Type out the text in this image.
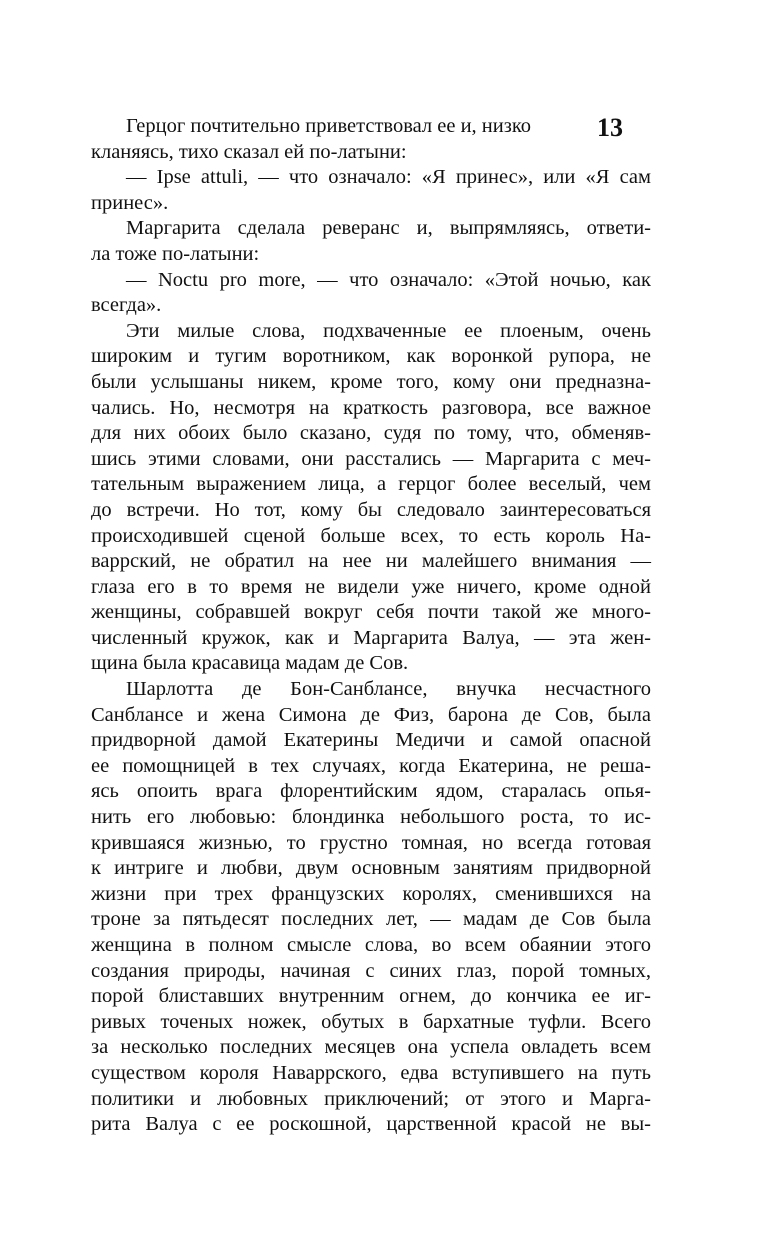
13
Герцог почтительно приветствовал ее и, низко
кланяясь, тихо сказал ей по-латыни:
— Ipse attuli, — что означало: «Я принес», или «Я сам
принес».
Маргарита сделала реверанс и, выпрямляясь, ответи-
ла тоже по-латыни:
— Noctu pro more, — что означало: «Этой ночью, как
всегда».
Эти милые слова, подхваченные ее плоеным, очень
широким и тугим воротником, как воронкой рупора, не
были услышаны никем, кроме того, кому они предназна-
чались. Но, несмотря на краткость разговора, все важное
для них обоих было сказано, судя по тому, что, обменяв-
шись этими словами, они расстались — Маргарита с меч-
тательным выражением лица, а герцог более веселый, чем
до встречи. Но тот, кому бы следовало заинтересоваться
происходившей сценой больше всех, то есть король На-
варрский, не обратил на нее ни малейшего внимания —
глаза его в то время не видели уже ничего, кроме одной
женщины, собравшей вокруг себя почти такой же много-
численный кружок, как и Маргарита Валуа, — эта жен-
щина была красавица мадам де Сов.
Шарлотта де Бон-Санблансе, внучка несчастного
Санблансе и жена Симона де Физ, барона де Сов, была
придворной дамой Екатерины Медичи и самой опасной
ее помощницей в тех случаях, когда Екатерина, не реша-
ясь опоить врага флорентийским ядом, старалась опья-
нить его любовью: блондинка небольшого роста, то ис-
крившаяся жизнью, то грустно томная, но всегда готовая
к интриге и любви, двум основным занятиям придворной
жизни при трех французских королях, сменившихся на
троне за пятьдесят последних лет, — мадам де Сов была
женщина в полном смысле слова, во всем обаянии этого
создания природы, начиная с синих глаз, порой томных,
порой блиставших внутренним огнем, до кончика ее иг-
ривых точеных ножек, обутых в бархатные туфли. Всего
за несколько последних месяцев она успела овладеть всем
существом короля Наваррского, едва вступившего на путь
политики и любовных приключений; от этого и Марга-
рита Валуа с ее роскошной, царственной красой не вы-
